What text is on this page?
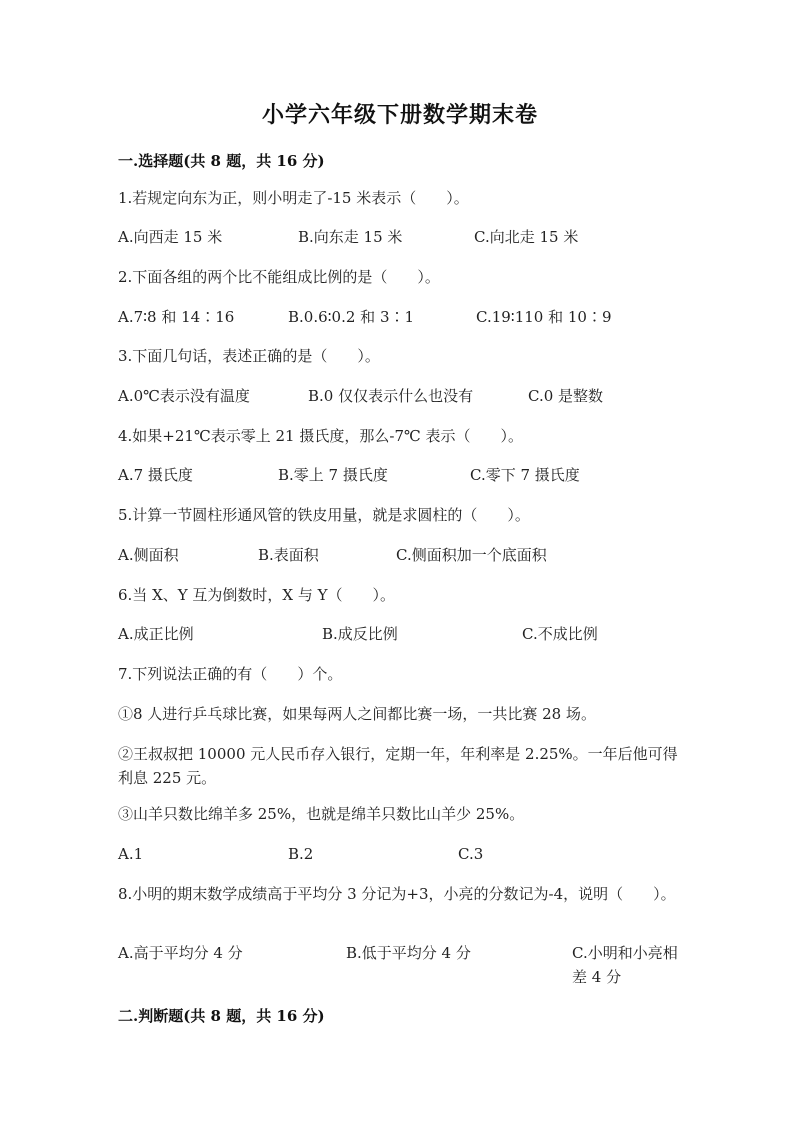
小学六年级下册数学期末卷
一.选择题(共 8 题，共 16 分)
1.若规定向东为正，则小明走了-15 米表示（　　）。
A.向西走 15 米	B.向东走 15 米	C.向北走 15 米
2.下面各组的两个比不能组成比例的是（　　）。
A.7∶8 和 14∶16	B.0.6∶0.2 和 3∶1	C.19∶110 和 10∶9
3.下面几句话，表述正确的是（　　）。
A.0℃表示没有温度	B.0 仅仅表示什么也没有	C.0 是整数
4.如果+21℃表示零上 21 摄氏度，那么-7℃ 表示（　　）。
A.7 摄氏度	B.零上 7 摄氏度	C.零下 7 摄氏度
5.计算一节圆柱形通风管的铁皮用量，就是求圆柱的（　　）。
A.侧面积	B.表面积	C.侧面积加一个底面积
6.当 X、Y 互为倒数时，X 与 Y（　　）。
A.成正比例	B.成反比例	C.不成比例
7.下列说法正确的有（　　）个。
①8 人进行乒乓球比赛，如果每两人之间都比赛一场，一共比赛 28 场。
②王叔叔把 10000 元人民币存入银行，定期一年，年利率是 2.25%。一年后他可得利息 225 元。
③山羊只数比绵羊多 25%，也就是绵羊只数比山羊少 25%。
A.1	B.2	C.3
8.小明的期末数学成绩高于平均分 3 分记为+3，小亮的分数记为-4，说明（　　）。
A.高于平均分 4 分	B.低于平均分 4 分	C.小明和小亮相差 4 分
二.判断题(共 8 题，共 16 分)
